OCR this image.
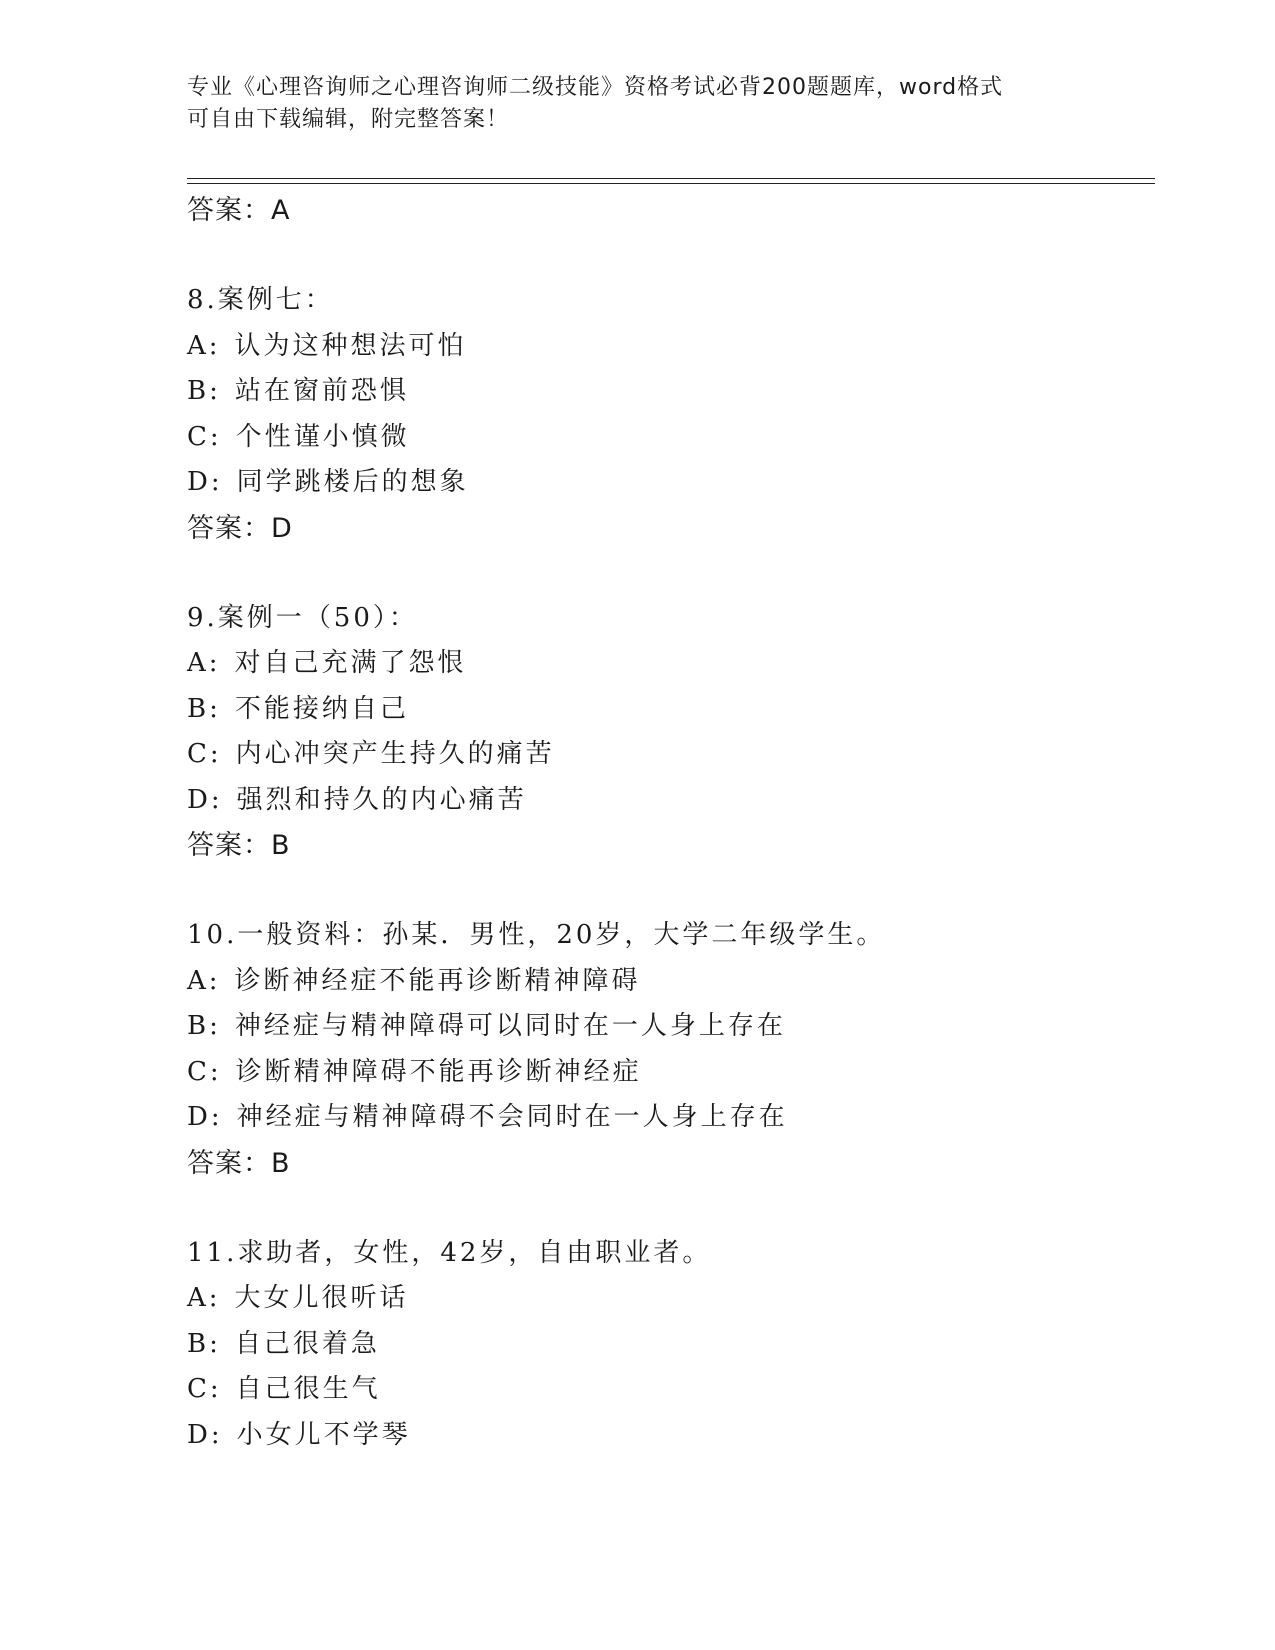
专业《心理咨询师之心理咨询师二级技能》资格考试必背200题题库，word格式
可自由下载编辑，附完整答案！
答案：A
8.案例七：
A: 认为这种想法可怕
B: 站在窗前恐惧
C: 个性谨小慎微
D: 同学跳楼后的想象
答案：D
9.案例一（50）：
A: 对自己充满了怨恨
B: 不能接纳自己
C: 内心冲突产生持久的痛苦
D: 强烈和持久的内心痛苦
答案：B
10.一般资料：孙某．男性，20岁，大学二年级学生。
A: 诊断神经症不能再诊断精神障碍
B: 神经症与精神障碍可以同时在一人身上存在
C: 诊断精神障碍不能再诊断神经症
D: 神经症与精神障碍不会同时在一人身上存在
答案：B
11.求助者，女性，42岁，自由职业者。
A: 大女儿很听话
B: 自己很着急
C: 自己很生气
D: 小女儿不学琴
